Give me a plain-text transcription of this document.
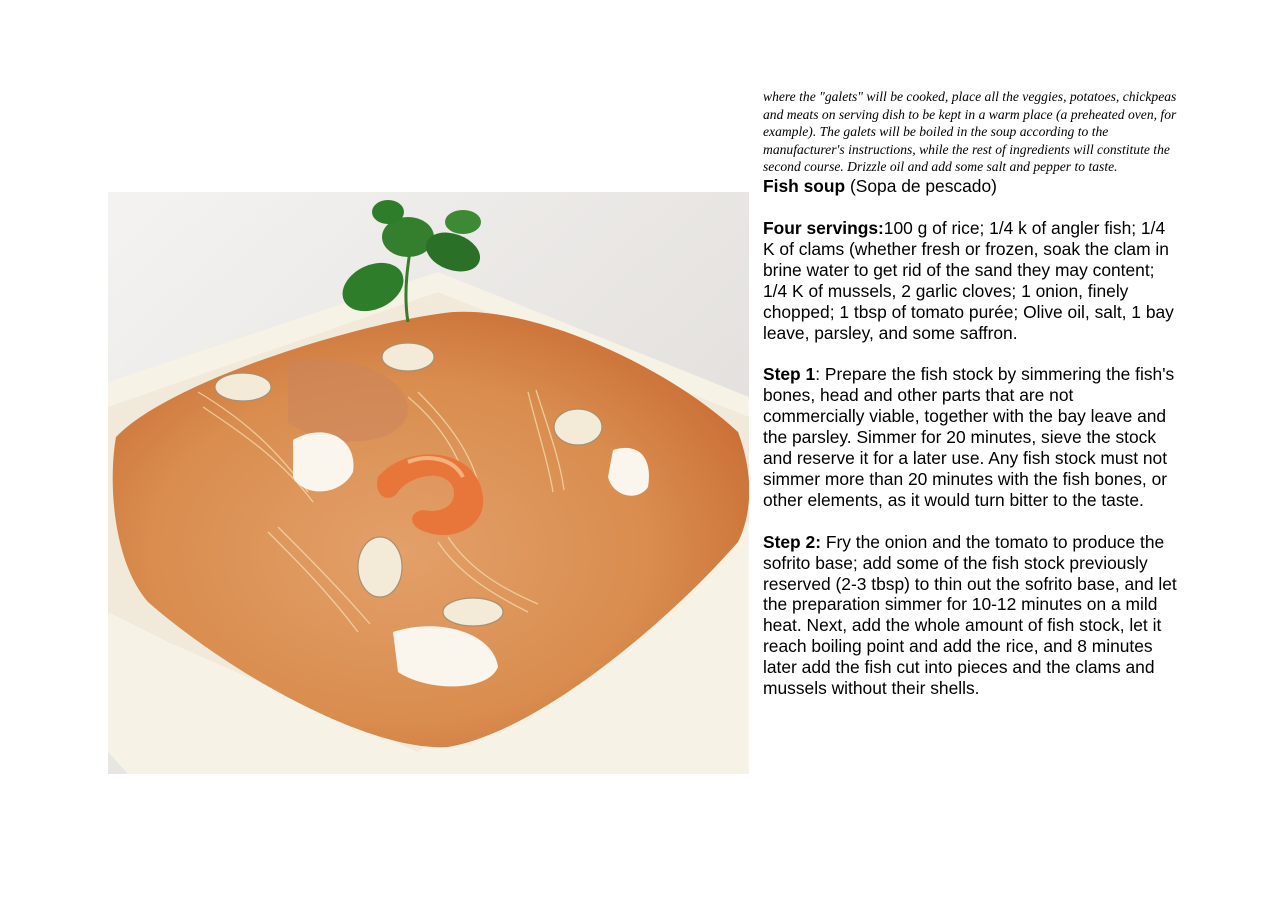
where the "galets" will be cooked, place all the veggies, potatoes, chickpeas and meats on serving dish to be kept in a warm place (a preheated oven, for example). The galets will be boiled in the soup according to the manufacturer's instructions, while the rest of ingredients will constitute the second course. Drizzle oil and add some salt and pepper to taste.

Fish soup (Sopa de pescado)

Four servings:100 g of rice; 1/4 k of angler fish; 1/4 K of clams (whether fresh or frozen, soak the clam in brine water to get rid of the sand they may content; 1/4 K of mussels, 2 garlic cloves; 1 onion, finely chopped; 1 tbsp of tomato purée; Olive oil, salt, 1 bay leave, parsley, and some saffron.

Step 1: Prepare the fish stock by simmering the fish's bones, head and other parts that are not commercially viable, together with the bay leave and the parsley. Simmer for 20 minutes, sieve the stock and reserve it for a later use. Any fish stock must not simmer more than 20 minutes with the fish bones, or other elements, as it would turn bitter to the taste.

Step 2: Fry the onion and the tomato to produce the sofrito base; add some of the fish stock previously reserved (2-3 tbsp) to thin out the sofrito base, and let the preparation simmer for 10-12 minutes on a mild heat. Next, add the whole amount of fish stock, let it reach boiling point and add the rice, and 8 minutes later add the fish cut into pieces and the clams and mussels without their shells.
